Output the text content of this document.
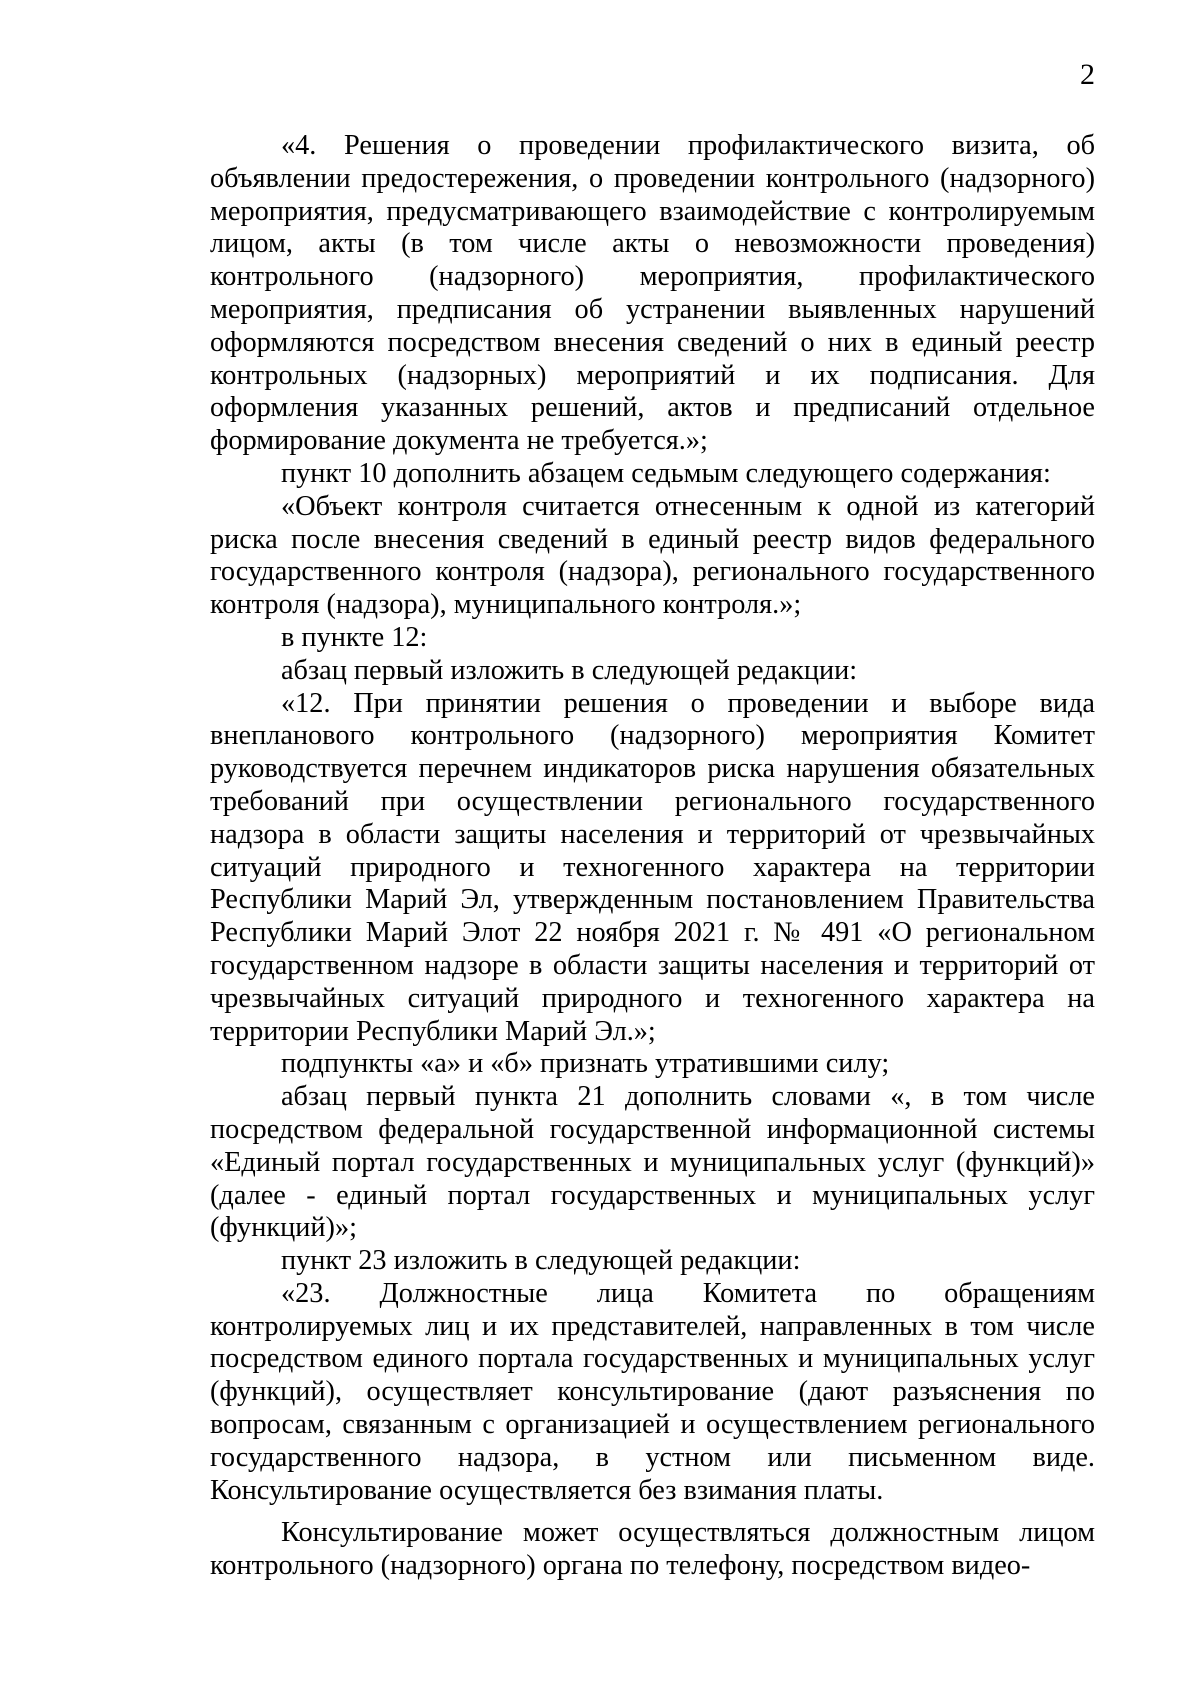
2

«4. Решения о проведении профилактического визита, об объявлении предостережения, о проведении контрольного (надзорного) мероприятия, предусматривающего взаимодействие с контролируемым лицом, акты (в том числе акты о невозможности проведения) контрольного (надзорного) мероприятия, профилактического мероприятия, предписания об устранении выявленных нарушений оформляются посредством внесения сведений о них в единый реестр контрольных (надзорных) мероприятий и их подписания. Для оформления указанных решений, актов и предписаний отдельное формирование документа не требуется.»;

пункт 10 дополнить абзацем седьмым следующего содержания:

«Объект контроля считается отнесенным к одной из категорий риска после внесения сведений в единый реестр видов федерального государственного контроля (надзора), регионального государственного контроля (надзора), муниципального контроля.»;

в пункте 12:

абзац первый изложить в следующей редакции:

«12. При принятии решения о проведении и выборе вида внепланового контрольного (надзорного) мероприятия Комитет руководствуется перечнем индикаторов риска нарушения обязательных требований при осуществлении регионального государственного надзора в области защиты населения и территорий от чрезвычайных ситуаций природного и техногенного характера на территории Республики Марий Эл, утвержденным постановлением Правительства Республики Марий Элот 22 ноября 2021 г. № 491 «О региональном государственном надзоре в области защиты населения и территорий от чрезвычайных ситуаций природного и техногенного характера на территории Республики Марий Эл.»;

подпункты «а» и «б» признать утратившими силу;

абзац первый пункта 21 дополнить словами «, в том числе посредством федеральной государственной информационной системы «Единый портал государственных и муниципальных услуг (функций)» (далее - единый портал государственных и муниципальных услуг (функций)»;

пункт 23 изложить в следующей редакции:

«23. Должностные лица Комитета по обращениям контролируемых лиц и их представителей, направленных в том числе посредством единого портала государственных и муниципальных услуг (функций), осуществляет консультирование (дают разъяснения по вопросам, связанным с организацией и осуществлением регионального государственного надзора, в устном или письменном виде. Консультирование осуществляется без взимания платы.

Консультирование может осуществляться должностным лицом контрольного (надзорного) органа по телефону, посредством видео-
